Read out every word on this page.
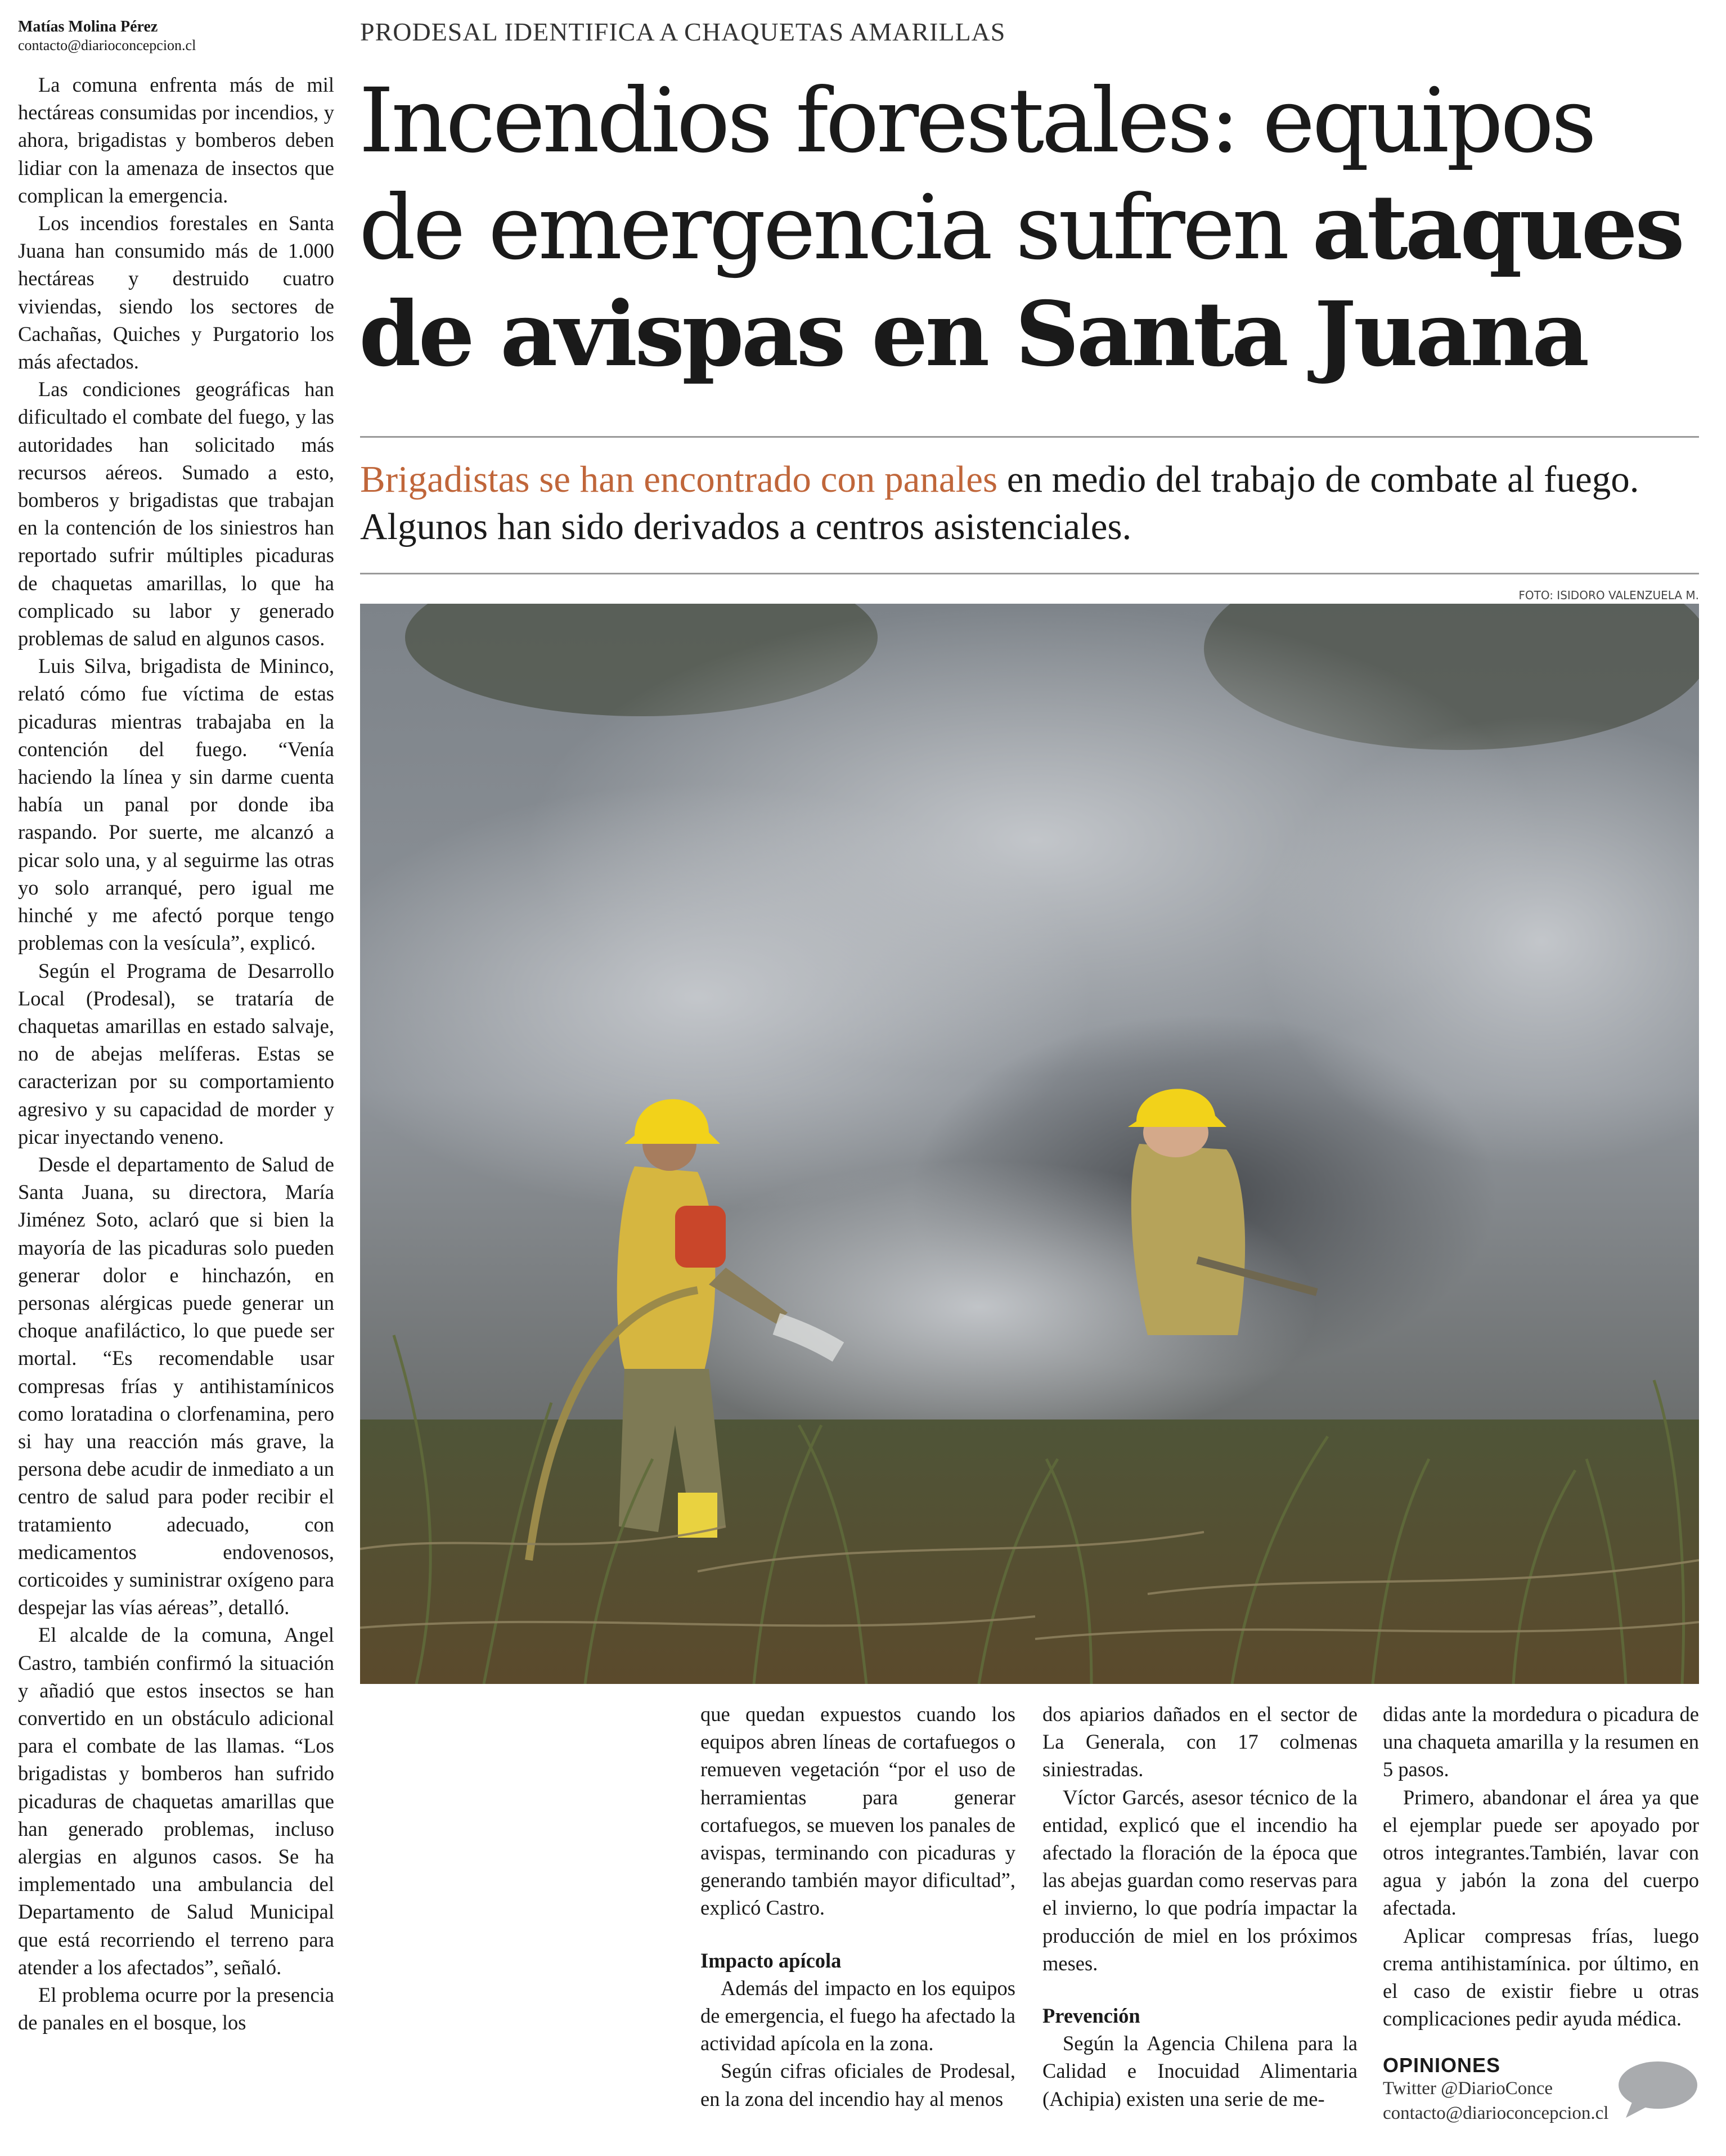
Matías Molina Pérez
contacto@diarioconcepcion.cl

La comuna enfrenta más de mil hectáreas consumidas por incendios, y ahora, brigadistas y bomberos deben lidiar con la amenaza de insectos que complican la emergencia.

Los incendios forestales en Santa Juana han consumido más de 1.000 hectáreas y destruido cuatro viviendas, siendo los sectores de Cachañas, Quiches y Purgatorio los más afectados.

Las condiciones geográficas han dificultado el combate del fuego, y las autoridades han solicitado más recursos aéreos. Sumado a esto, bomberos y brigadistas que trabajan en la contención de los siniestros han reportado sufrir múltiples picaduras de chaquetas amarillas, lo que ha complicado su labor y generado problemas de salud en algunos casos.

Luis Silva, brigadista de Mininco, relató cómo fue víctima de estas picaduras mientras trabajaba en la contención del fuego. “Venía haciendo la línea y sin darme cuenta había un panal por donde iba raspando. Por suerte, me alcanzó a picar solo una, y al seguirme las otras yo solo arranqué, pero igual me hinché y me afectó porque tengo problemas con la vesícula”, explicó.

Según el Programa de Desarrollo Local (Prodesal), se trataría de chaquetas amarillas en estado salvaje, no de abejas melíferas. Estas se caracterizan por su comportamiento agresivo y su capacidad de morder y picar inyectando veneno.

Desde el departamento de Salud de Santa Juana, su directora, María Jiménez Soto, aclaró que si bien la mayoría de las picaduras solo pueden generar dolor e hinchazón, en personas alérgicas puede generar un choque anafiláctico, lo que puede ser mortal. “Es recomendable usar compresas frías y antihistamínicos como loratadina o clorfenamina, pero si hay una reacción más grave, la persona debe acudir de inmediato a un centro de salud para poder recibir el tratamiento adecuado, con medicamentos endovenosos, corticoides y suministrar oxígeno para despejar las vías aéreas”, detalló.

El alcalde de la comuna, Angel Castro, también confirmó la situación y añadió que estos insectos se han convertido en un obstáculo adicional para el combate de las llamas. “Los brigadistas y bomberos han sufrido picaduras de chaquetas amarillas que han generado problemas, incluso alergias en algunos casos. Se ha implementado una ambulancia del Departamento de Salud Municipal que está recorriendo el terreno para atender a los afectados”, señaló.

El problema ocurre por la presencia de panales en el bosque, los

PRODESAL IDENTIFICA A CHAQUETAS AMARILLAS
Incendios forestales: equipos
de emergencia sufren ataques
de avispas en Santa Juana
Brigadistas se han encontrado con panales en medio del trabajo de combate al fuego. Algunos han sido derivados a centros asistenciales.
FOTO: ISIDORO VALENZUELA M.

que quedan expuestos cuando los equipos abren líneas de cortafuegos o remueven vegetación “por el uso de herramientas para generar cortafuegos, se mueven los panales de avispas, terminando con picaduras y generando también mayor dificultad”, explicó Castro.

Impacto apícola

Además del impacto en los equipos de emergencia, el fuego ha afectado la actividad apícola en la zona.

Según cifras oficiales de Prodesal, en la zona del incendio hay al menos

dos apiarios dañados en el sector de La Generala, con 17 colmenas siniestradas.

Víctor Garcés, asesor técnico de la entidad, explicó que el incendio ha afectado la floración de la época que las abejas guardan como reservas para el invierno, lo que podría impactar la producción de miel en los próximos meses.

Prevención

Según la Agencia Chilena para la Calidad e Inocuidad Alimentaria (Achipia) existen una serie de me-

didas ante la mordedura o picadura de una chaqueta amarilla y la resumen en 5 pasos.

Primero, abandonar el área ya que el ejemplar puede ser apoyado por otros integrantes.También, lavar con agua y jabón la zona del cuerpo afectada.

Aplicar compresas frías, luego crema antihistamínica. por último, en el caso de existir fiebre u otras complicaciones pedir ayuda médica.

OPINIONES
Twitter @DiarioConce
contacto@diarioconcepcion.cl
